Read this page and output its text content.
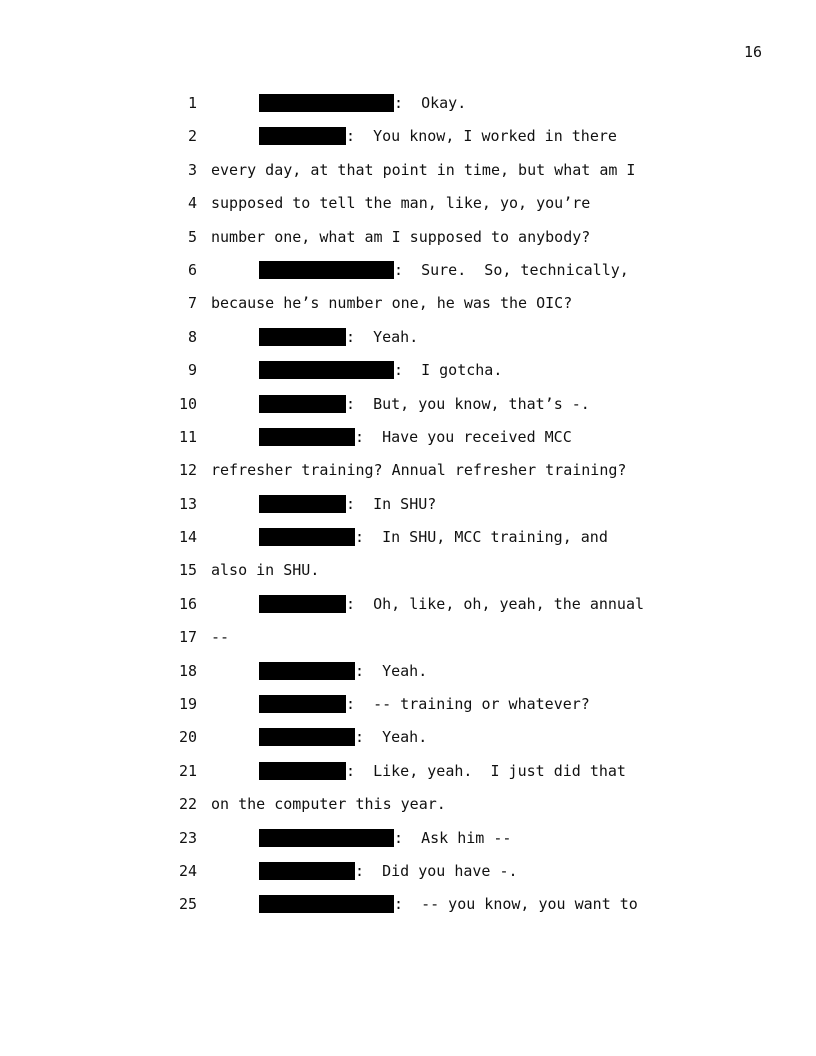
16
1	:  Okay.
2	:  You know, I worked in there
3 every day, at that point in time, but what am I
4 supposed to tell the man, like, yo, you’re
5 number one, what am I supposed to anybody?
6	:  Sure.  So, technically,
7 because he’s number one, he was the OIC?
8	:  Yeah.
9	:  I gotcha.
10	:  But, you know, that’s -.
11	:  Have you received MCC
12 refresher training? Annual refresher training?
13	:  In SHU?
14	:  In SHU, MCC training, and
15 also in SHU.
16	:  Oh, like, oh, yeah, the annual
17 --
18	:  Yeah.
19	:  -- training or whatever?
20	:  Yeah.
21	:  Like, yeah.  I just did that
22 on the computer this year.
23	:  Ask him --
24	:  Did you have -.
25	:  -- you know, you want to
